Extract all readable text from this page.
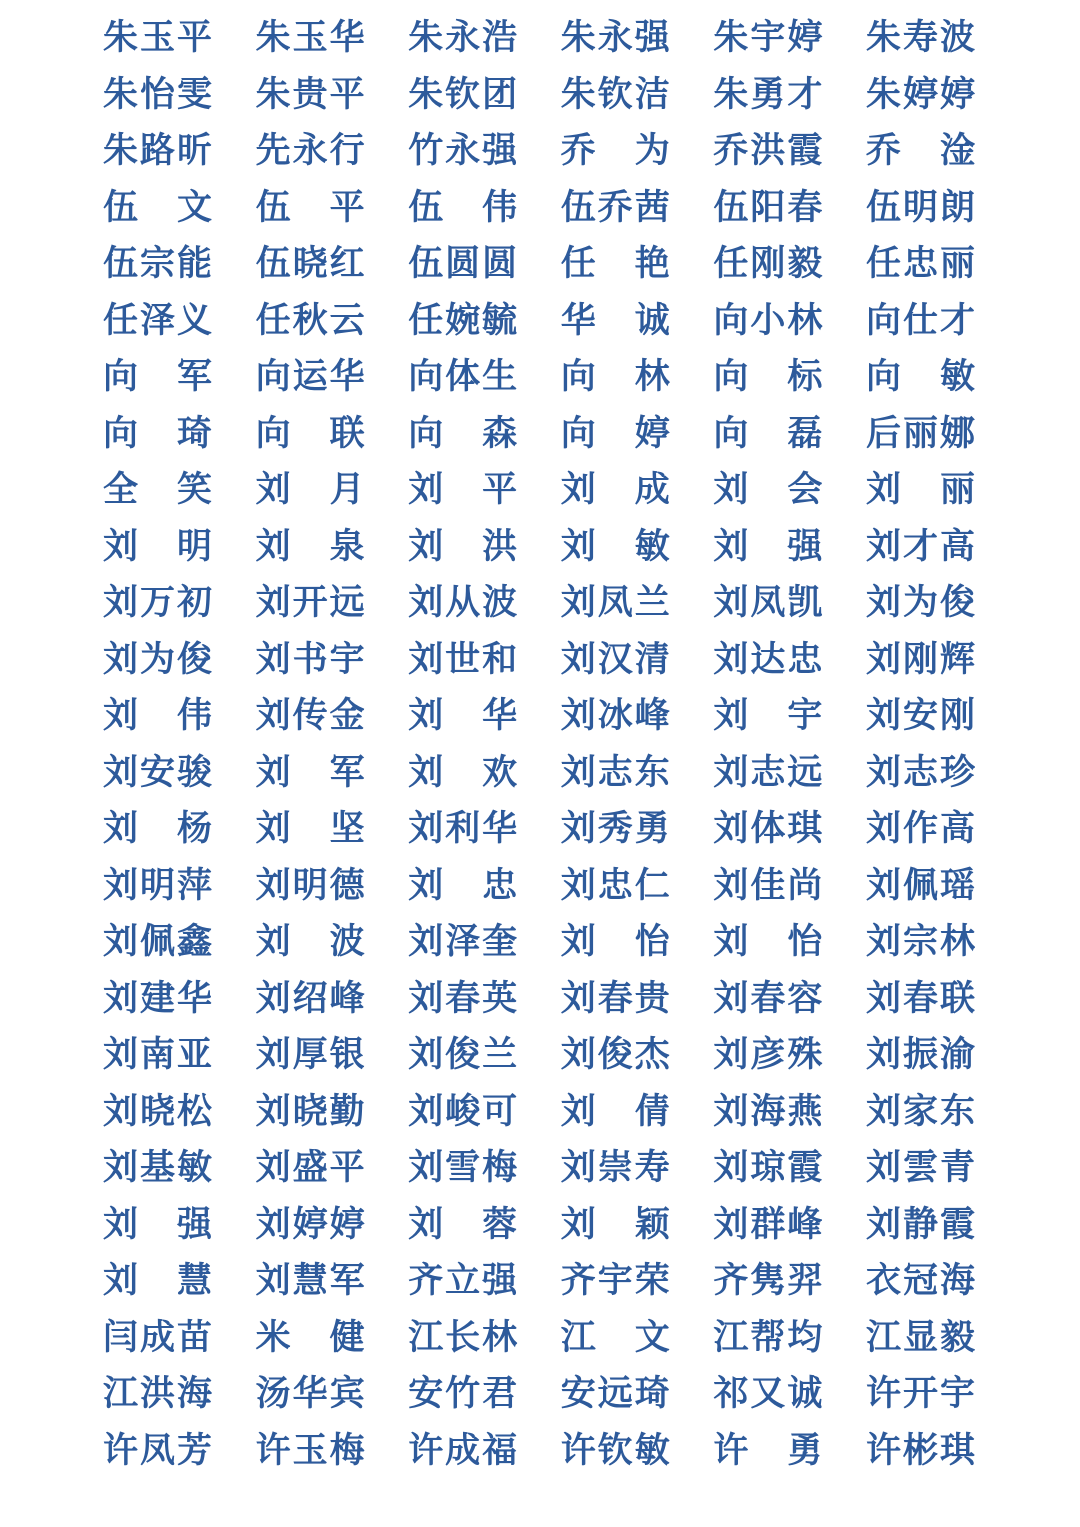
朱 玉 平 朱 玉 华 朱 永 浩 朱 永 强 朱 宇 婷 朱 寿 波
朱 怡 雯 朱 贵 平 朱 钦 团 朱 钦 洁 朱 勇 才 朱 婷 婷
朱 路 昕 先 永 行 竹 永 强 乔 为 乔 洪 霞 乔 淦
伍 文 伍 平 伍 伟 伍 乔 茜 伍 阳 春 伍 明 朗
伍 宗 能 伍 晓 红 伍 圆 圆 任 艳 任 刚 毅 任 忠 丽
任 泽 义 任 秋 云 任 婉 毓 华 诚 向 小 林 向 仕 才
向 军 向 运 华 向 体 生 向 林 向 标 向 敏
向 琦 向 联 向 森 向 婷 向 磊 后 丽 娜
全 笑 刘 月 刘 平 刘 成 刘 会 刘 丽
刘 明 刘 泉 刘 洪 刘 敏 刘 强 刘 才 高
刘 万 初 刘 开 远 刘 从 波 刘 凤 兰 刘 凤 凯 刘 为 俊
刘 为 俊 刘 书 宇 刘 世 和 刘 汉 清 刘 达 忠 刘 刚 辉
刘 伟 刘 传 金 刘 华 刘 冰 峰 刘 宇 刘 安 刚
刘 安 骏 刘 军 刘 欢 刘 志 东 刘 志 远 刘 志 珍
刘 杨 刘 坚 刘 利 华 刘 秀 勇 刘 体 琪 刘 作 高
刘 明 萍 刘 明 德 刘 忠 刘 忠 仁 刘 佳 尚 刘 佩 瑶
刘 佩 鑫 刘 波 刘 泽 奎 刘 怡 刘 怡 刘 宗 林
刘 建 华 刘 绍 峰 刘 春 英 刘 春 贵 刘 春 容 刘 春 联
刘 南 亚 刘 厚 银 刘 俊 兰 刘 俊 杰 刘 彦 殊 刘 振 渝
刘 晓 松 刘 晓 勤 刘 峻 可 刘 倩 刘 海 燕 刘 家 东
刘 基 敏 刘 盛 平 刘 雪 梅 刘 崇 寿 刘 琼 霞 刘 雲 青
刘 强 刘 婷 婷 刘 蓉 刘 颖 刘 群 峰 刘 静 霞
刘 慧 刘 慧 军 齐 立 强 齐 宇 荣 齐 隽 羿 衣 冠 海
闫 成 苗 米 健 江 长 林 江 文 江 帮 均 江 显 毅
江 洪 海 汤 华 宾 安 竹 君 安 远 琦 祁 又 诚 许 开 宇
许 凤 芳 许 玉 梅 许 成 福 许 钦 敏 许 勇 许 彬 琪
